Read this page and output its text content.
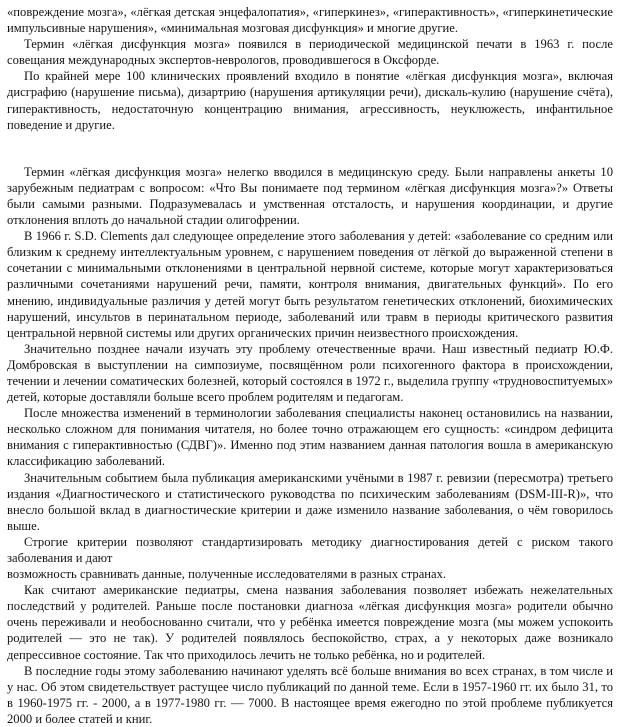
«повреждение мозга», «лёгкая детская энцефалопатия», «гиперкинез», «гиперактивность», «гиперкинетические импульсивные нарушения», «минимальная мозговая дисфункция» и многие другие.

Термин «лёгкая дисфункция мозга» появился в периодической медицинской печати в 1963 г. после совещания международных экспертов-неврологов, проводившегося в Оксфорде.

По крайней мере 100 клинических проявлений входило в понятие «лёгкая дисфункция мозга», включая дисграфию (нарушение письма), дизартрию (нарушения артикуляции речи), дискаль-кулию (нарушение счёта), гиперактивность, недостаточную концентрацию внимания, агрессивность, неуклюжесть, инфантильное поведение и другие.

Термин «лёгкая дисфункция мозга» нелегко вводился в медицинскую среду. Были направлены анкеты 10 зарубежным педиатрам с вопросом: «Что Вы понимаете под термином «лёгкая дисфункция мозга»?» Ответы были самыми разными. Подразумевалась и умственная отсталость, и нарушения координации, и другие отклонения вплоть до начальной стадии олигофрении.

В 1966 г. S.D. Clements дал следующее определение этого заболевания у детей: «заболевание со средним или близким к среднему интеллектуальным уровнем, с нарушением поведения от лёгкой до выраженной степени в сочетании с минимальными отклонениями в центральной нервной системе, которые могут характеризоваться различными сочетаниями нарушений речи, памяти, контроля внимания, двигательных функций». По его мнению, индивидуальные различия у детей могут быть результатом генетических отклонений, биохимических нарушений, инсультов в перинатальном периоде, заболеваний или травм в периоды критического развития центральной нервной системы или других органических причин неизвестного происхождения.

Значительно позднее начали изучать эту проблему отечественные врачи. Наш известный педиатр Ю.Ф. Домбровская в выступлении на симпозиуме, посвящённом роли психогенного фактора в происхождении, течении и лечении соматических болезней, который состоялся в 1972 г., выделила группу «трудновоспитуемых» детей, которые доставляли больше всего проблем родителям и педагогам.

После множества изменений в терминологии заболевания специалисты наконец остановились на названии, несколько сложном для понимания читателя, но более точно отражающем его сущность: «синдром дефицита внимания с гиперактивностью (СДВГ)». Именно под этим названием данная патология вошла в американскую классификацию заболеваний.

Значительным событием была публикация американскими учёными в 1987 г. ревизии (пересмотра) третьего издания «Диагностического и статистического руководства по психическим заболеваниям (DSM-III-R)», что внесло большой вклад в диагностические критерии и даже изменило название заболевания, о чём говорилось выше.

Строгие критерии позволяют стандартизировать методику диагностирования детей с риском такого заболевания и дают

возможность сравнивать данные, полученные исследователями в разных странах.

Как считают американские педиатры, смена названия заболевания позволяет избежать нежелательных последствий у родителей. Раньше после постановки диагноза «лёгкая дисфункция мозга» родители обычно очень переживали и необоснованно считали, что у ребёнка имеется повреждение мозга (мы можем успокоить родителей — это не так). У родителей появлялось беспокойство, страх, а у некоторых даже возникало депрессивное состояние. Так что приходилось лечить не только ребёнка, но и родителей.

В последние годы этому заболеванию начинают уделять всё больше внимания во всех странах, в том числе и у нас. Об этом свидетельствует растущее число публикаций по данной теме. Если в 1957-1960 гг. их было 31, то в 1960-1975 гг. - 2000, а в 1977-1980 гг. — 7000. В настоящее время ежегодно по этой проблеме публикуется 2000 и более статей и книг.
